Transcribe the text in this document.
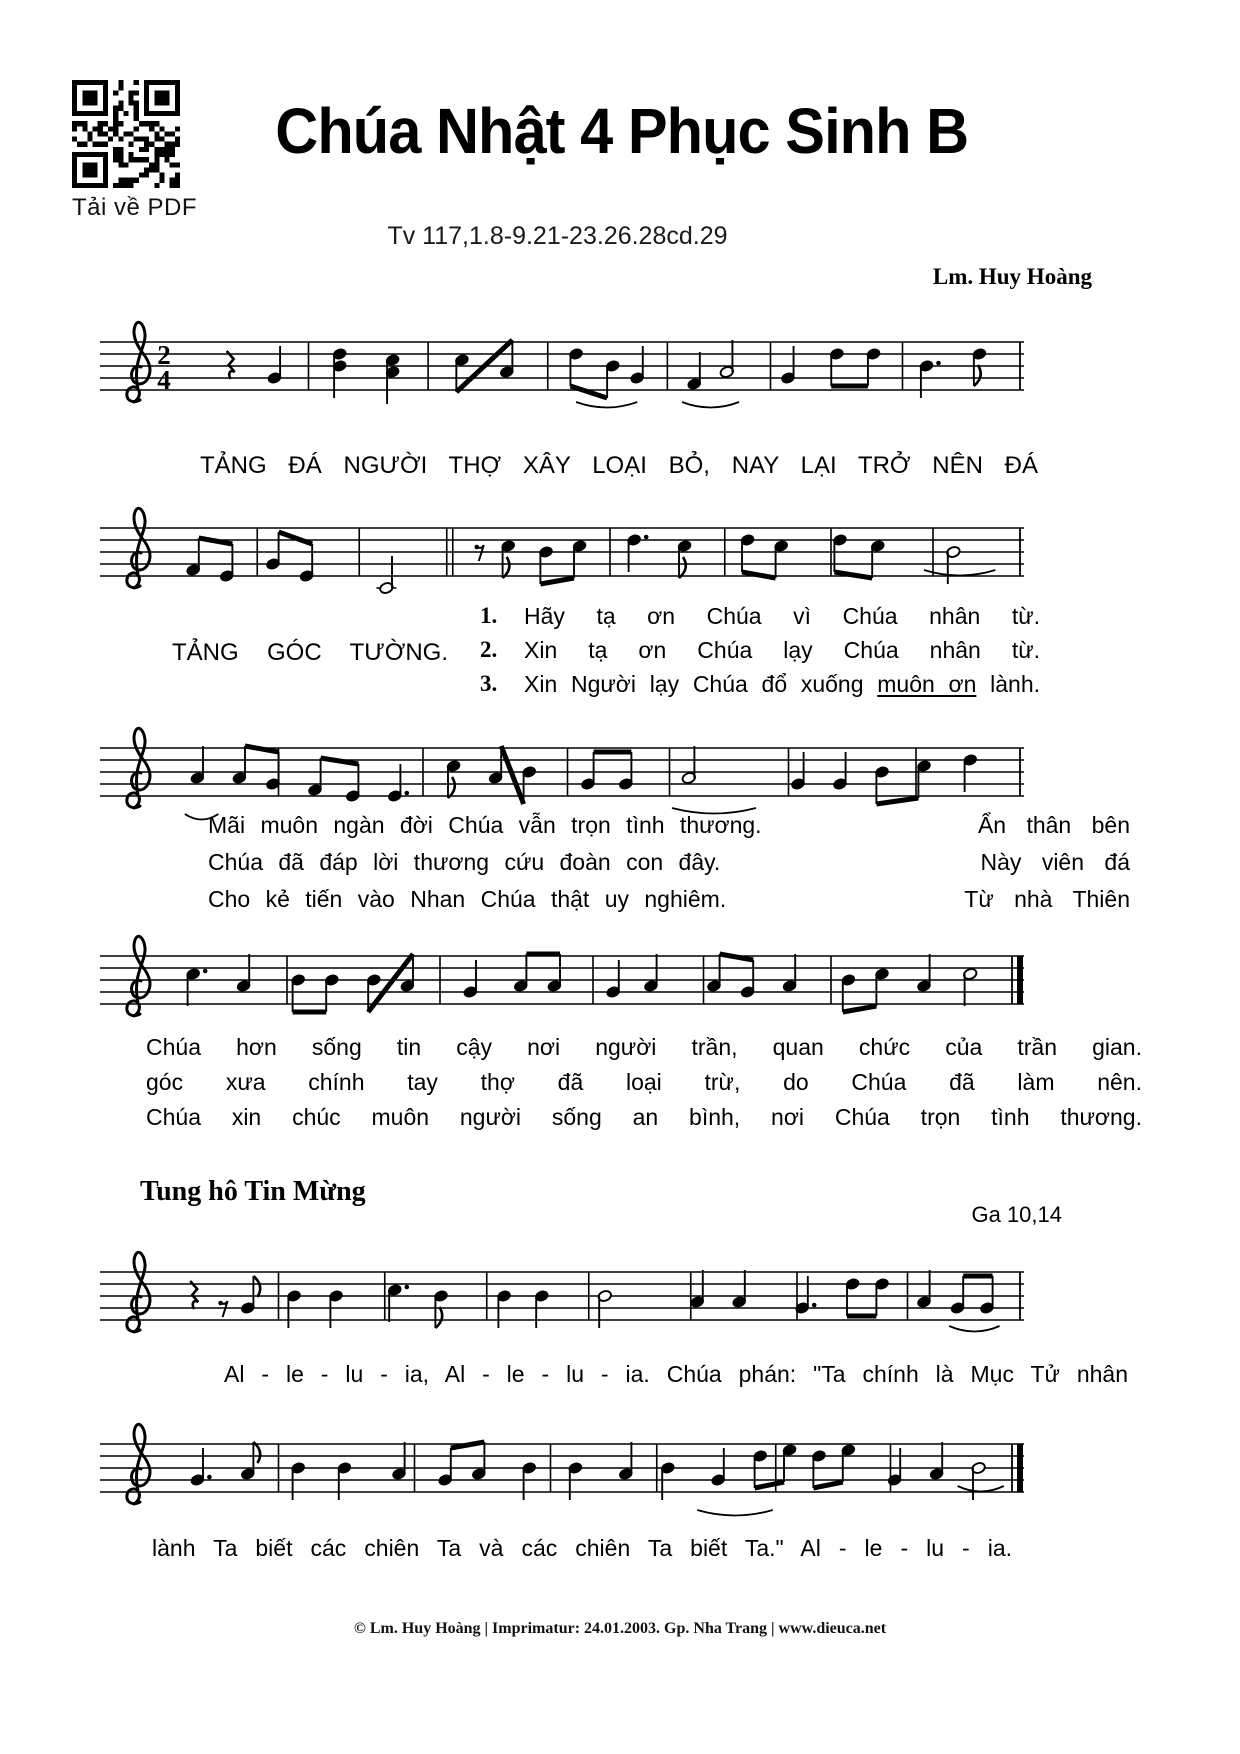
Tải về PDF
Chúa Nhật 4 Phục Sinh B
Tv 117,1.8-9.21-23.26.28cd.29
Lm. Huy Hoàng
2
4
TẢNG ĐÁ NGƯỜI THỢ XÂY LOẠI BỎ, NAY LẠI TRỞ NÊN ĐÁ
TẢNG GÓC TƯỜNG.
1. Hãy tạ ơn Chúa vì Chúa nhân từ.
2. Xin tạ ơn Chúa lạy Chúa nhân từ.
3. Xin Người lạy Chúa đổ xuống muôn ơn lành.
Mãi muôn ngàn đời Chúa vẫn trọn tình thương.	Ẩn thân bên
Chúa đã đáp lời thương cứu đoàn con đây.	Này viên đá
Cho kẻ tiến vào Nhan Chúa thật uy nghiêm.	Từ nhà Thiên
Chúa hơn sống tin cậy nơi người trần, quan chức của trần gian.
góc xưa chính tay thợ đã loại trừ, do Chúa đã làm nên.
Chúa xin chúc muôn người sống an bình, nơi Chúa trọn tình thương.
Tung hô Tin Mừng
Ga 10,14
Al - le - lu - ia, Al - le - lu - ia. Chúa phán: "Ta chính là Mục Tử nhân
lành Ta biết các chiên Ta và các chiên Ta biết Ta." Al - le - lu - ia.
© Lm. Huy Hoàng | Imprimatur: 24.01.2003. Gp. Nha Trang | www.dieuca.net
